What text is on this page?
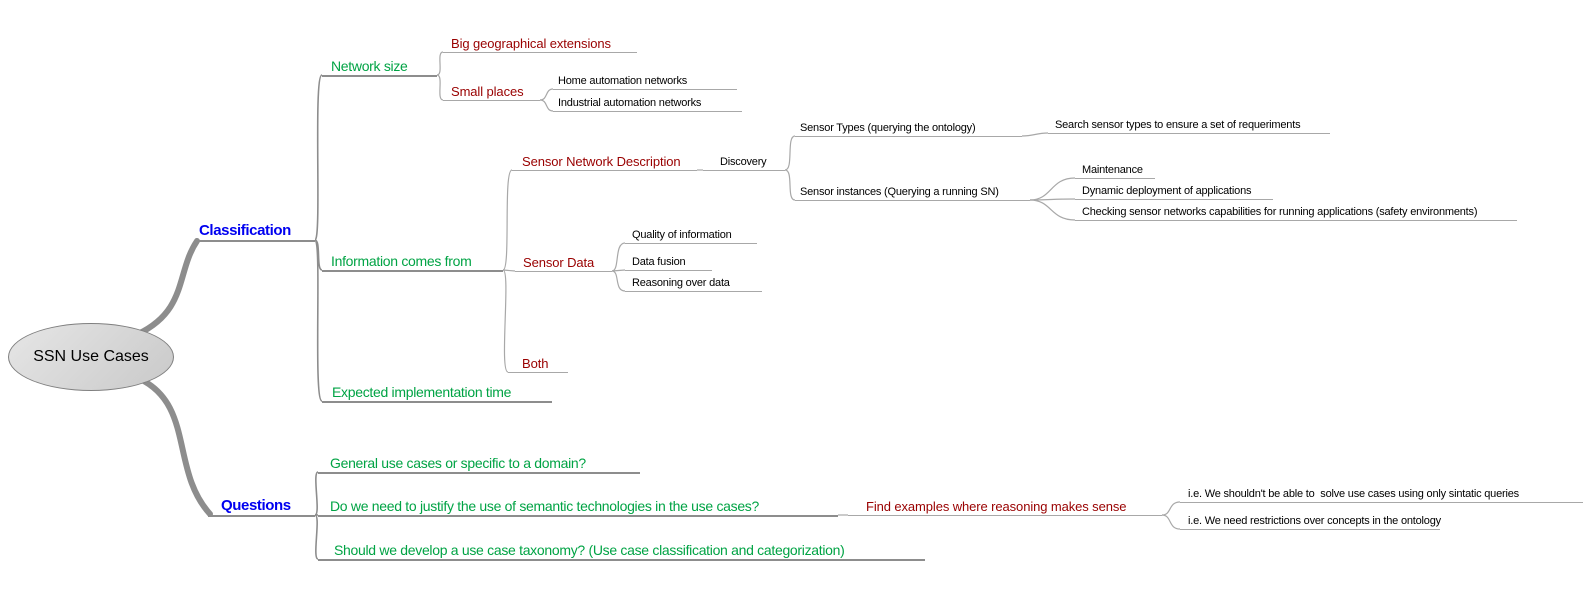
SSN Use Cases
Classification
Questions
Network size
Information comes from
Expected implementation time
General use cases or specific to a domain?
Do we need to justify the use of semantic technologies in the use cases?
Should we develop a use case taxonomy? (Use case classification and categorization)
Big geographical extensions
Small places
Sensor Network Description
Sensor Data
Both
Find examples where reasoning makes sense
Home automation networks
Industrial automation networks
Discovery
Sensor Types (querying the ontology)	Search sensor types to ensure a set of requeriments
Sensor instances (Querying a running SN)
Maintenance
Dynamic deployment of applications
Checking sensor networks capabilities for running applications (safety environments)
Quality of information
Data fusion
Reasoning over data
i.e. We shouldn't be able to  solve use cases using only sintatic queries
i.e. We need restrictions over concepts in the ontology
